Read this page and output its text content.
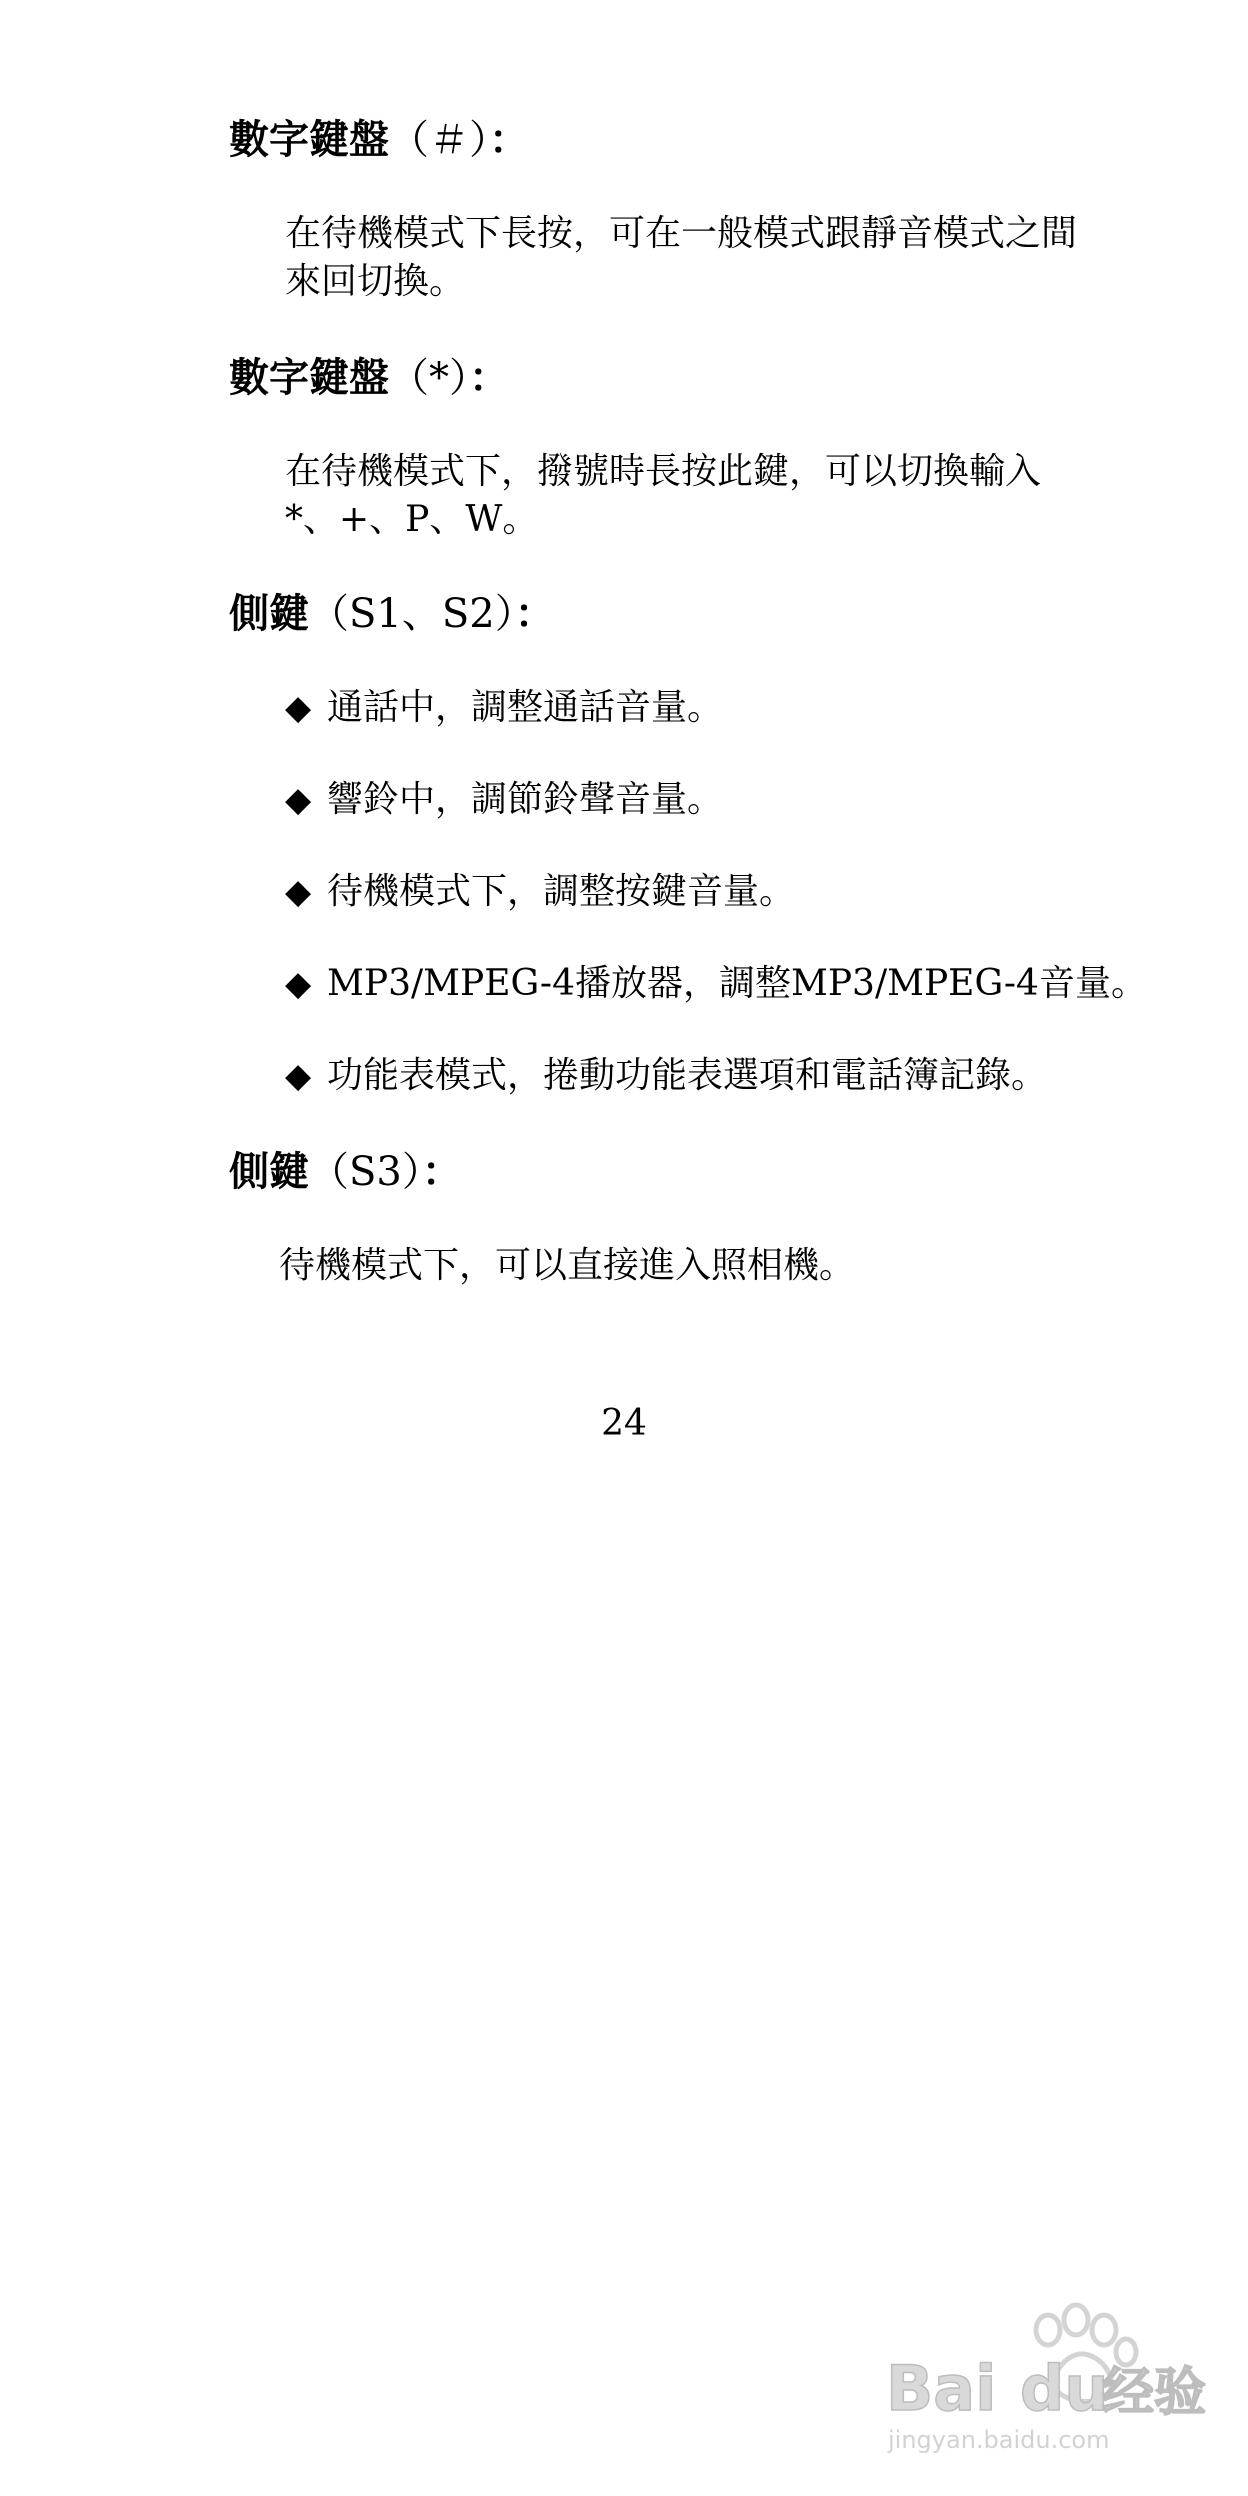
數字鍵盤（＃）：
在待機模式下長按，可在一般模式跟靜音模式之間
來回切換。
數字鍵盤（*）：
在待機模式下，撥號時長按此鍵，可以切換輸入
*、+、P、W。
側鍵（S1、S2）：
◆ 通話中，調整通話音量。
◆ 響鈴中，調節鈴聲音量。
◆ 待機模式下，調整按鍵音量。
◆ MP3/MPEG-4播放器，調整MP3/MPEG-4音量。
◆ 功能表模式，捲動功能表選項和電話簿記錄。
側鍵（S3）：
待機模式下，可以直接進入照相機。
24
Bai du
经验
jingyan.baidu.com
